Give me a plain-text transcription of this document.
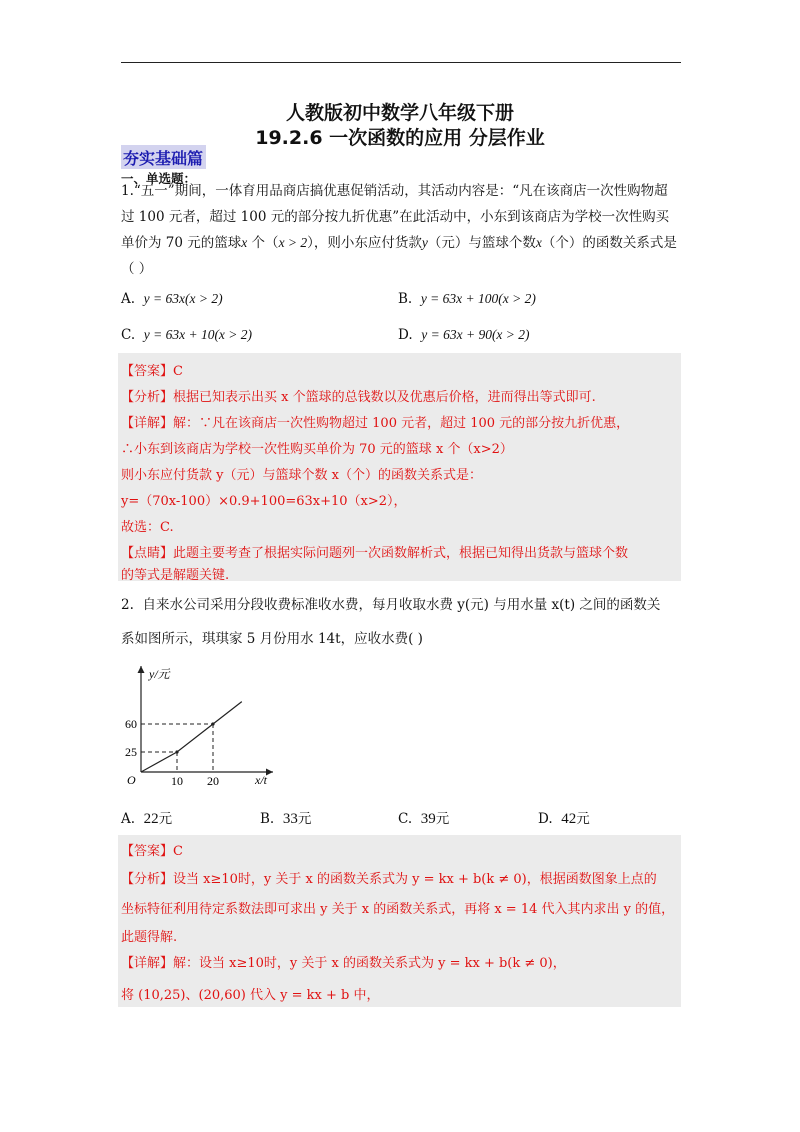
人教版初中数学八年级下册
19.2.6 一次函数的应用 分层作业
夯实基础篇
一、单选题：
1.“五一”期间，一体育用品商店搞优惠促销活动，其活动内容是：“凡在该商店一次性购物超过 100 元者，超过 100 元的部分按九折优惠”在此活动中，小东到该商店为学校一次性购买单价为 70 元的篮球x 个（x > 2），则小东应付货款y（元）与篮球个数x（个）的函数关系式是（ ）
A. y = 63x(x > 2)	B. y = 63x + 100(x > 2)
C. y = 63x + 10(x > 2)	D. y = 63x + 90(x > 2)
【答案】C
【分析】根据已知表示出买 x 个篮球的总钱数以及优惠后价格，进而得出等式即可.
【详解】解：∵凡在该商店一次性购物超过 100 元者，超过 100 元的部分按九折优惠，
∴小东到该商店为学校一次性购买单价为 70 元的篮球 x 个（x>2）
则小东应付货款 y（元）与篮球个数 x（个）的函数关系式是：
y=（70x-100）×0.9+100=63x+10（x>2），
故选：C.
【点睛】此题主要考查了根据实际问题列一次函数解析式，根据已知得出货款与篮球个数
的等式是解题关键.
2. 自来水公司采用分段收费标准收水费，每月收取水费 y(元) 与用水量 x(t) 之间的函数关
系如图所示，琪琪家 5 月份用水 14t，应收水费( )
10 20
25
60
y/元
x/t
O
A. 22元	B. 33元	C. 39元	D. 42元
【答案】C
【分析】设当 x≥10时，y 关于 x 的函数关系式为 y = kx + b(k ≠ 0)，根据函数图象上点的
坐标特征利用待定系数法即可求出 y 关于 x 的函数关系式，再将 x = 14 代入其内求出 y 的值，
此题得解.
【详解】解：设当 x≥10时，y 关于 x 的函数关系式为 y = kx + b(k ≠ 0)，
将 (10,25)、(20,60) 代入 y = kx + b 中，
